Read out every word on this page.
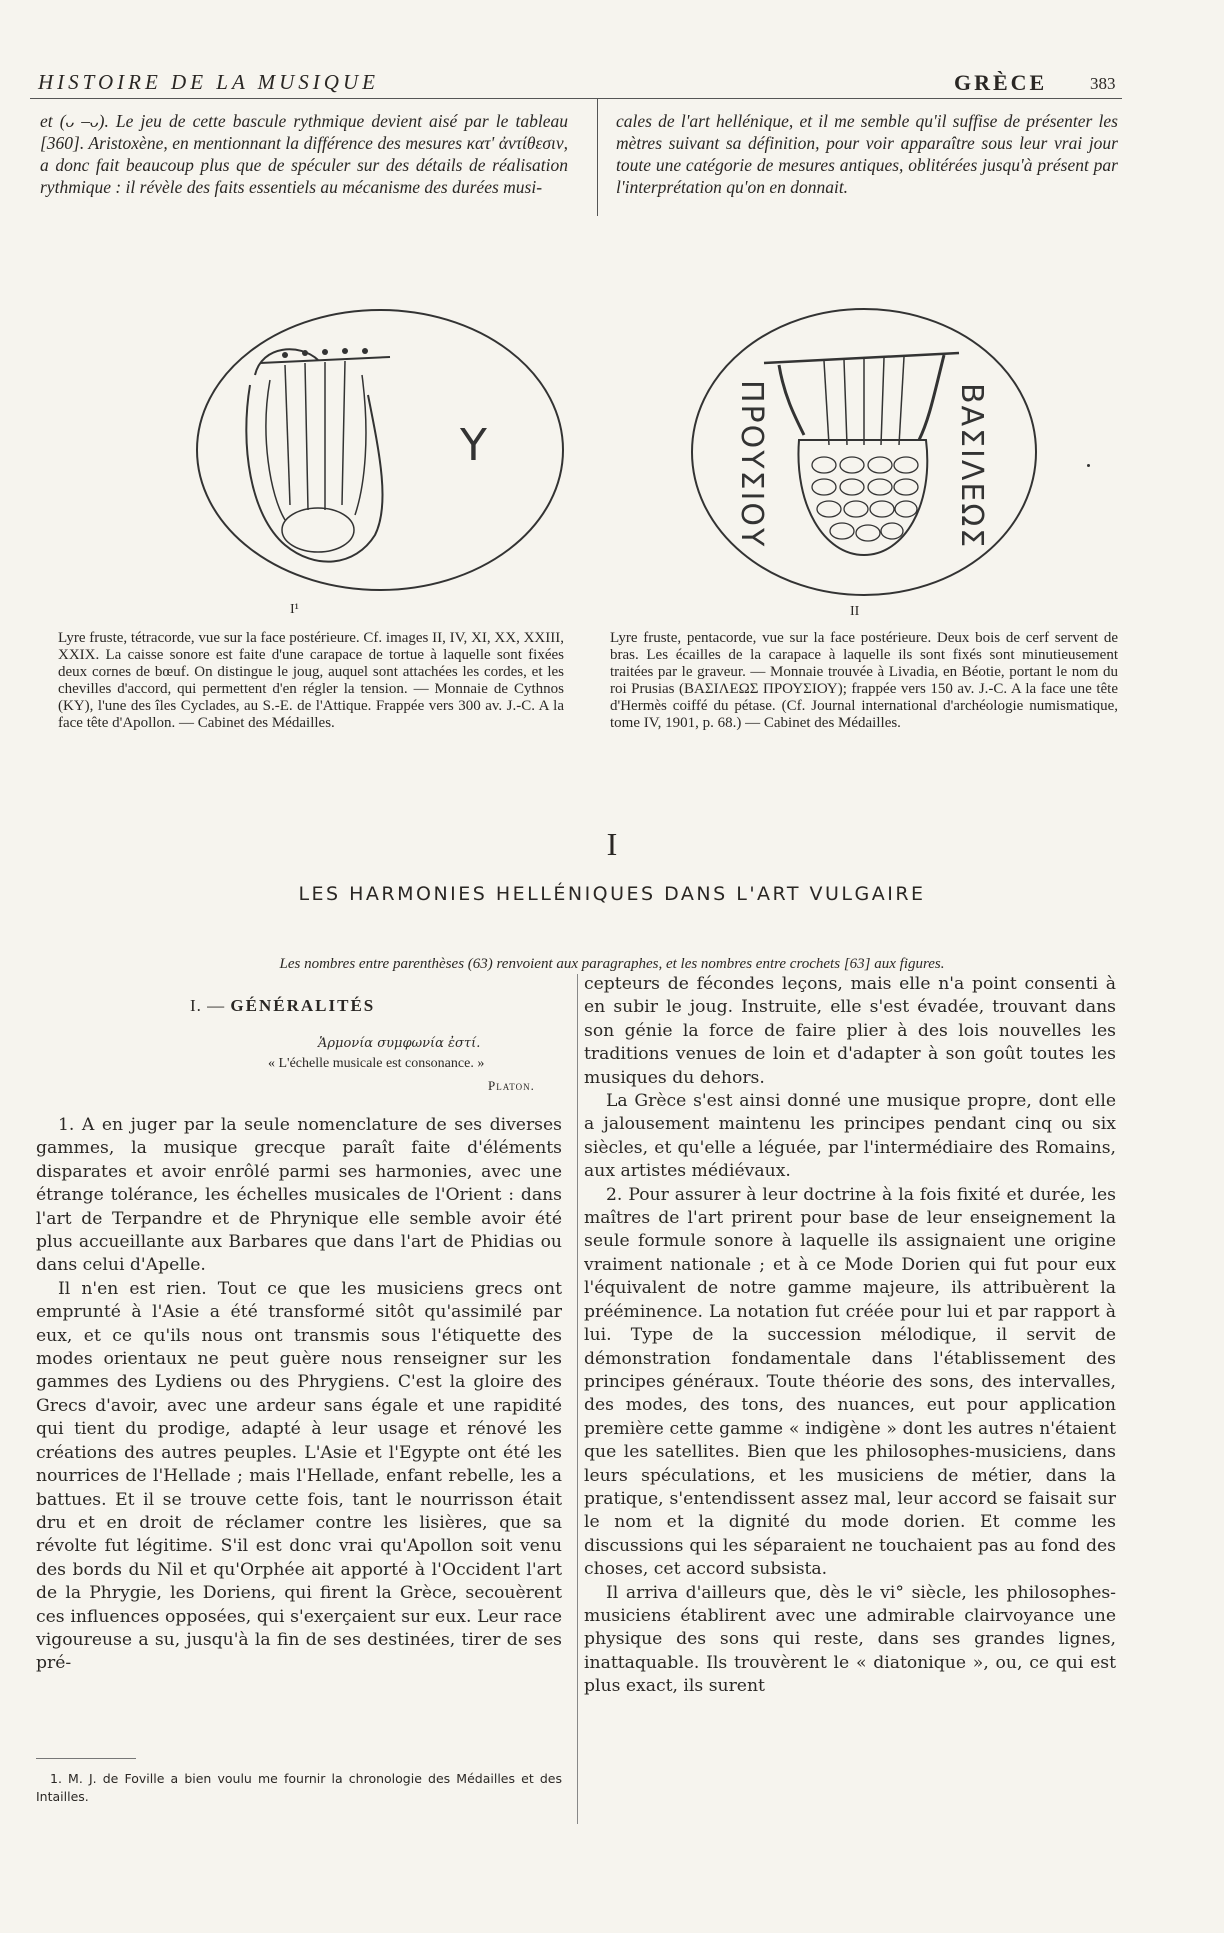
HISTOIRE DE LA MUSIQUE	GRÈCE	383
et (ᴗ –ᴗ). Le jeu de cette bascule rythmique devient aisé par le tableau [360]. Aristoxène, en mentionnant la différence des mesures κατ' ἀντίθεσιν, a donc fait beaucoup plus que de spéculer sur des détails de réalisation rythmique : il révèle des faits essentiels au mécanisme des durées musi-
cales de l'art hellénique, et il me semble qu'il suffise de présenter les mètres suivant sa définition, pour voir apparaître sous leur vrai jour toute une catégorie de mesures antiques, oblitérées jusqu'à présent par l'interprétation qu'on en donnait.
Y
I¹
ΠΡΟΥΣΙΟΥ	ΒΑΣΙΛΕΩΣ
II
Lyre fruste, tétracorde, vue sur la face postérieure. Cf. images II, IV, XI, XX, XXIII, XXIX. La caisse sonore est faite d'une carapace de tortue à laquelle sont fixées deux cornes de bœuf. On distingue le joug, auquel sont attachées les cordes, et les chevilles d'accord, qui permettent d'en régler la tension. — Monnaie de Cythnos (KΥ), l'une des îles Cyclades, au S.-E. de l'Attique. Frappée vers 300 av. J.-C. A la face tête d'Apollon. — Cabinet des Médailles.
Lyre fruste, pentacorde, vue sur la face postérieure. Deux bois de cerf servent de bras. Les écailles de la carapace à laquelle ils sont fixés sont minutieusement traitées par le graveur. — Monnaie trouvée à Livadia, en Béotie, portant le nom du roi Prusias (ΒΑΣΙΛΕΩΣ ΠΡΟΥΣΙΟΥ); frappée vers 150 av. J.-C. A la face une tête d'Hermès coiffé du pétase. (Cf. Journal international d'archéologie numismatique, tome IV, 1901, p. 68.) — Cabinet des Médailles.
I
LES HARMONIES HELLÉNIQUES DANS L'ART VULGAIRE
Les nombres entre parenthèses (63) renvoient aux paragraphes, et les nombres entre crochets [63] aux figures.
I. — GÉNÉRALITÉS
Ἁρμονία συμφωνία ἐστί.
« L'échelle musicale est consonance. »
Platon.

1. A en juger par la seule nomenclature de ses diverses gammes, la musique grecque paraît faite d'éléments disparates et avoir enrôlé parmi ses harmonies, avec une étrange tolérance, les échelles musicales de l'Orient : dans l'art de Terpandre et de Phrynique elle semble avoir été plus accueillante aux Barbares que dans l'art de Phidias ou dans celui d'Apelle.

Il n'en est rien. Tout ce que les musiciens grecs ont emprunté à l'Asie a été transformé sitôt qu'assimilé par eux, et ce qu'ils nous ont transmis sous l'étiquette des modes orientaux ne peut guère nous renseigner sur les gammes des Lydiens ou des Phrygiens. C'est la gloire des Grecs d'avoir, avec une ardeur sans égale et une rapidité qui tient du prodige, adapté à leur usage et rénové les créations des autres peuples. L'Asie et l'Egypte ont été les nourrices de l'Hellade ; mais l'Hellade, enfant rebelle, les a battues. Et il se trouve cette fois, tant le nourrisson était dru et en droit de réclamer contre les lisières, que sa révolte fut légitime. S'il est donc vrai qu'Apollon soit venu des bords du Nil et qu'Orphée ait apporté à l'Occident l'art de la Phrygie, les Doriens, qui firent la Grèce, secouèrent ces influences opposées, qui s'exerçaient sur eux. Leur race vigoureuse a su, jusqu'à la fin de ses destinées, tirer de ses pré-

cepteurs de fécondes leçons, mais elle n'a point consenti à en subir le joug. Instruite, elle s'est évadée, trouvant dans son génie la force de faire plier à des lois nouvelles les traditions venues de loin et d'adapter à son goût toutes les musiques du dehors.

La Grèce s'est ainsi donné une musique propre, dont elle a jalousement maintenu les principes pendant cinq ou six siècles, et qu'elle a léguée, par l'intermédiaire des Romains, aux artistes médiévaux.

2. Pour assurer à leur doctrine à la fois fixité et durée, les maîtres de l'art prirent pour base de leur enseignement la seule formule sonore à laquelle ils assignaient une origine vraiment nationale ; et à ce Mode Dorien qui fut pour eux l'équivalent de notre gamme majeure, ils attribuèrent la prééminence. La notation fut créée pour lui et par rapport à lui. Type de la succession mélodique, il servit de démonstration fondamentale dans l'établissement des principes généraux. Toute théorie des sons, des intervalles, des modes, des tons, des nuances, eut pour application première cette gamme « indigène » dont les autres n'étaient que les satellites. Bien que les philosophes-musiciens, dans leurs spéculations, et les musiciens de métier, dans la pratique, s'entendissent assez mal, leur accord se faisait sur le nom et la dignité du mode dorien. Et comme les discussions qui les séparaient ne touchaient pas au fond des choses, cet accord subsista.

Il arriva d'ailleurs que, dès le vi° siècle, les philosophes-musiciens établirent avec une admirable clairvoyance une physique des sons qui reste, dans ses grandes lignes, inattaquable. Ils trouvèrent le « diatonique », ou, ce qui est plus exact, ils surent

1. M. J. de Foville a bien voulu me fournir la chronologie des Médailles et des Intailles.
